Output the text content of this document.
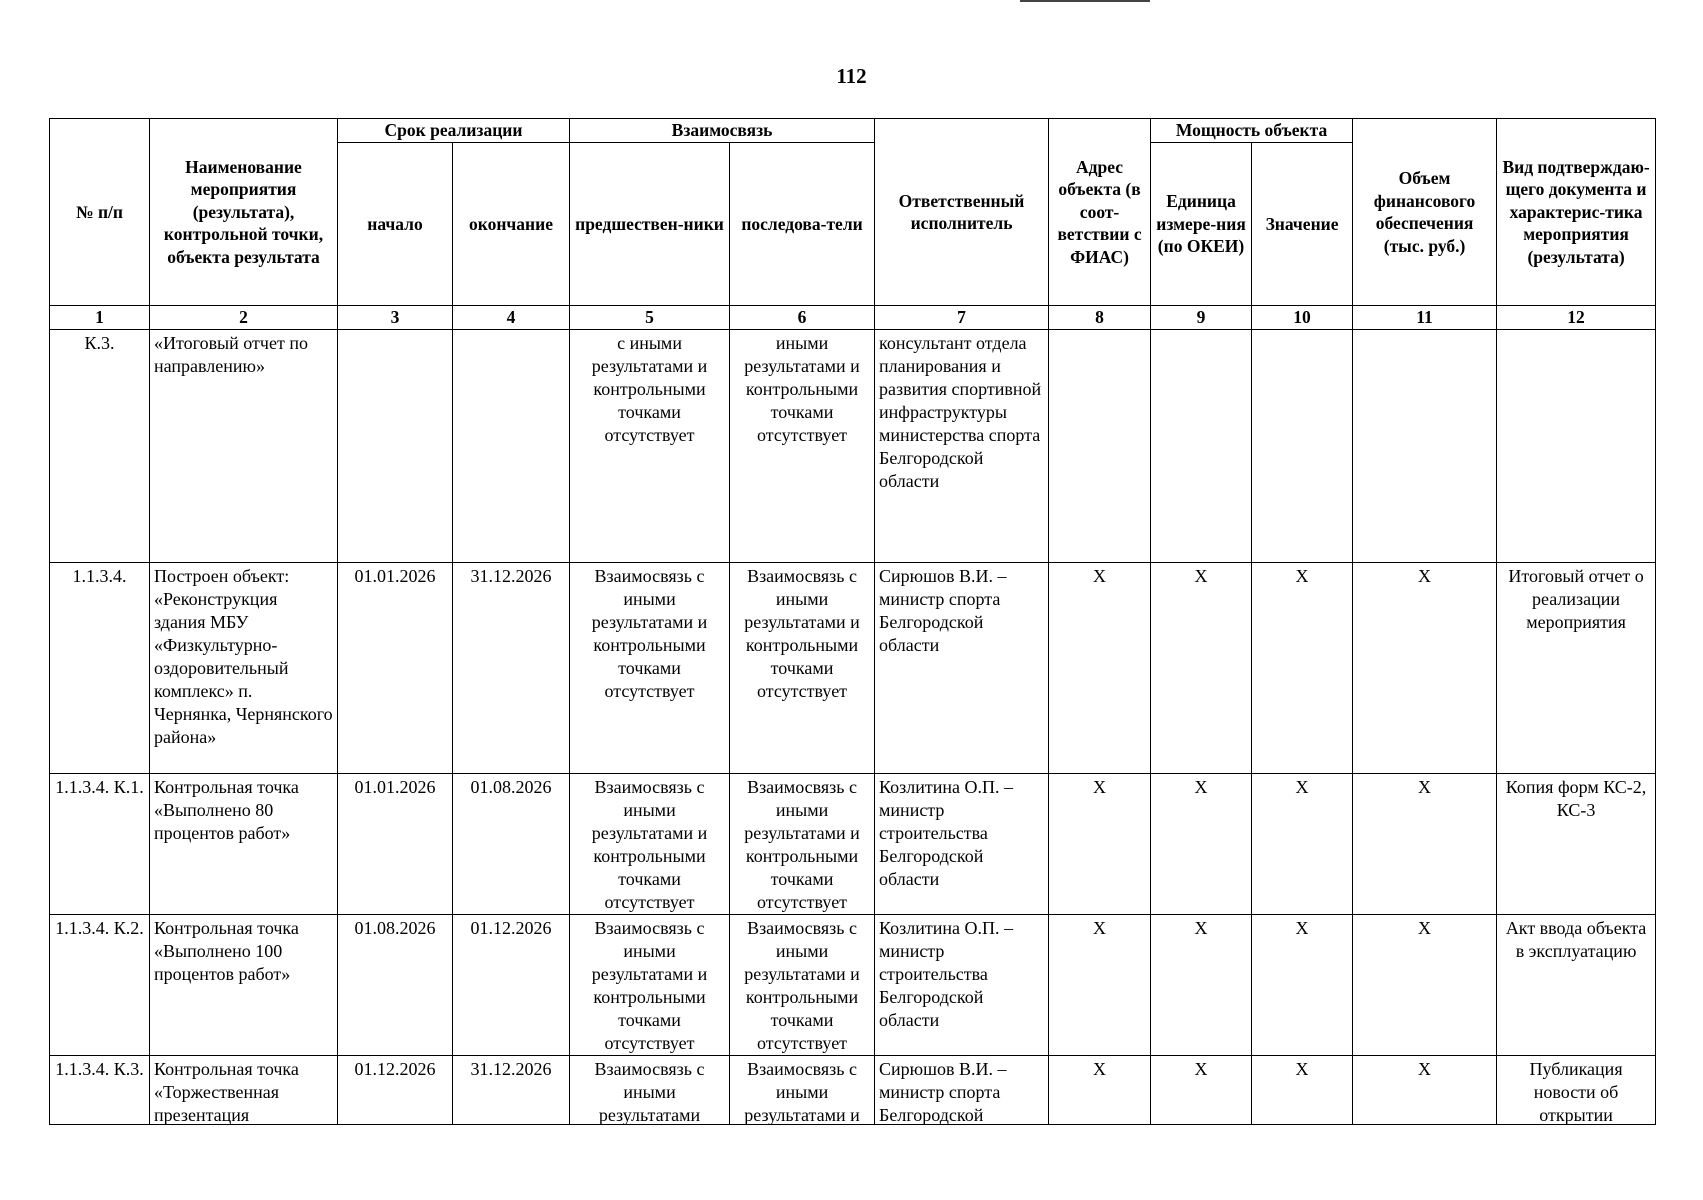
112
№ п/п	Наименование мероприятия (результата), контрольной точки, объекта результата	Срок реализации		Взаимосвязь		Ответственный исполнитель	Адрес объекта (в соот-ветствии с ФИАС)	Мощность объекта		Объем финансового обеспечения (тыс. руб.)	Вид подтверждаю-щего документа и характерис-тика мероприятия (результата)
		начало	окончание	предшествен-ники	последова-тели			Единица измере-ния (по ОКЕИ)	Значение		
1	2	3	4	5	6	7	8	9	10	11	12

К.3.	«Итоговый отчет по направлению»			с иными результатами и контрольными точками отсутствует	иными результатами и контрольными точками отсутствует	консультант отдела планирования и развития спортивной инфраструктуры министерства спорта Белгородской области					

1.1.3.4.	Построен объект: «Реконструкция здания МБУ «Физкультурно-оздоровительный комплекс» п. Чернянка, Чернянского района»	01.01.2026	31.12.2026	Взаимосвязь с иными результатами и контрольными точками отсутствует	Взаимосвязь с иными результатами и контрольными точками отсутствует	Сирюшов В.И. – министр спорта Белгородской области	Х	Х	Х	Х	Итоговый отчет о реализации мероприятия

1.1.3.4. К.1.	Контрольная точка «Выполнено 80 процентов работ»	01.01.2026	01.08.2026	Взаимосвязь с иными результатами и контрольными точками отсутствует	Взаимосвязь с иными результатами и контрольными точками отсутствует	Козлитина О.П. – министр строительства Белгородской области	Х	Х	Х	Х	Копия форм КС-2, КС-3

1.1.3.4. К.2.	Контрольная точка «Выполнено 100 процентов работ»	01.08.2026	01.12.2026	Взаимосвязь с иными результатами и контрольными точками отсутствует	Взаимосвязь с иными результатами и контрольными точками отсутствует	Козлитина О.П. – министр строительства Белгородской области	Х	Х	Х	Х	Акт ввода объекта в эксплуатацию

1.1.3.4. К.3.	Контрольная точка «Торжественная презентация	01.12.2026	31.12.2026	Взаимосвязь с иными результатами	Взаимосвязь с иными результатами и	Сирюшов В.И. – министр спорта Белгородской	Х	Х	Х	Х	Публикация новости об открытии
